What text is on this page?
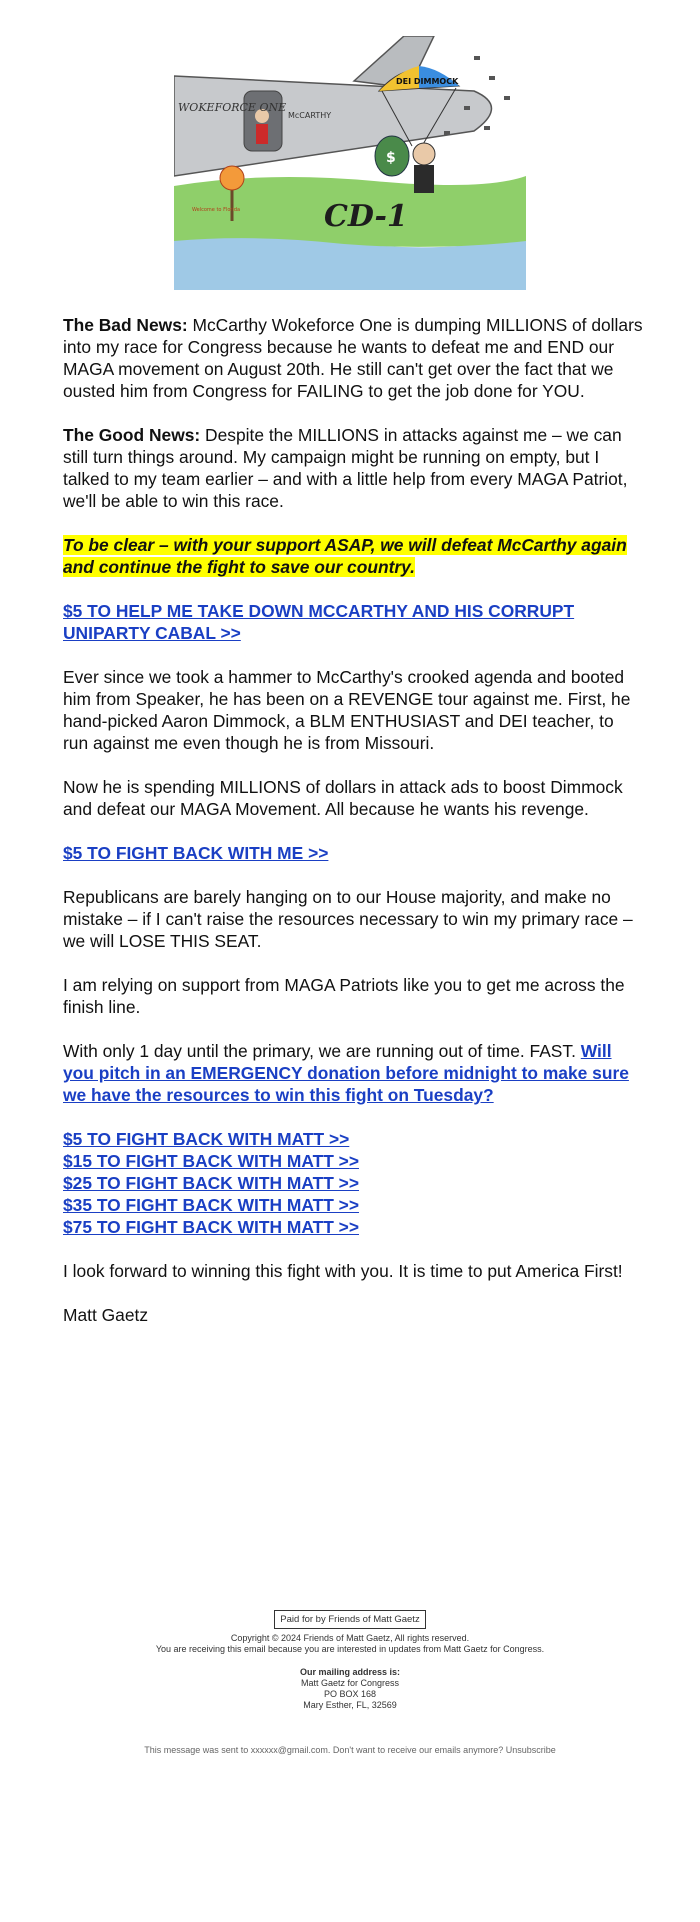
WOKEFORCE ONE
McCARTHY
DEI DIMMOCK
$
Welcome to Florida	CD-1

The Bad News: McCarthy Wokeforce One is dumping MILLIONS of dollars into my race for Congress because he wants to defeat me and END our MAGA movement on August 20th. He still can't get over the fact that we ousted him from Congress for FAILING to get the job done for YOU.

The Good News: Despite the MILLIONS in attacks against me – we can still turn things around. My campaign might be running on empty, but I talked to my team earlier – and with a little help from every MAGA Patriot, we'll be able to win this race.

To be clear – with your support ASAP, we will defeat McCarthy again and continue the fight to save our country.

$5 TO HELP ME TAKE DOWN MCCARTHY AND HIS CORRUPT UNIPARTY CABAL >>

Ever since we took a hammer to McCarthy's crooked agenda and booted him from Speaker, he has been on a REVENGE tour against me. First, he hand-picked Aaron Dimmock, a BLM ENTHUSIAST and DEI teacher, to run against me even though he is from Missouri.

Now he is spending MILLIONS of dollars in attack ads to boost Dimmock and defeat our MAGA Movement. All because he wants his revenge.

$5 TO FIGHT BACK WITH ME >>

Republicans are barely hanging on to our House majority, and make no mistake – if I can't raise the resources necessary to win my primary race – we will LOSE THIS SEAT.

I am relying on support from MAGA Patriots like you to get me across the finish line.

With only 1 day until the primary, we are running out of time. FAST. Will you pitch in an EMERGENCY donation before midnight to make sure we have the resources to win this fight on Tuesday?

$5 TO FIGHT BACK WITH MATT >>
$15 TO FIGHT BACK WITH MATT >>
$25 TO FIGHT BACK WITH MATT >>
$35 TO FIGHT BACK WITH MATT >>
$75 TO FIGHT BACK WITH MATT >>

I look forward to winning this fight with you. It is time to put America First!

Matt Gaetz

Paid for by Friends of Matt Gaetz
Copyright © 2024 Friends of Matt Gaetz, All rights reserved.
You are receiving this email because you are interested in updates from Matt Gaetz for Congress.
Our mailing address is:
Matt Gaetz for Congress
PO BOX 168
Mary Esther, FL, 32569
This message was sent to xxxxxx@gmail.com. Don't want to receive our emails anymore? Unsubscribe
